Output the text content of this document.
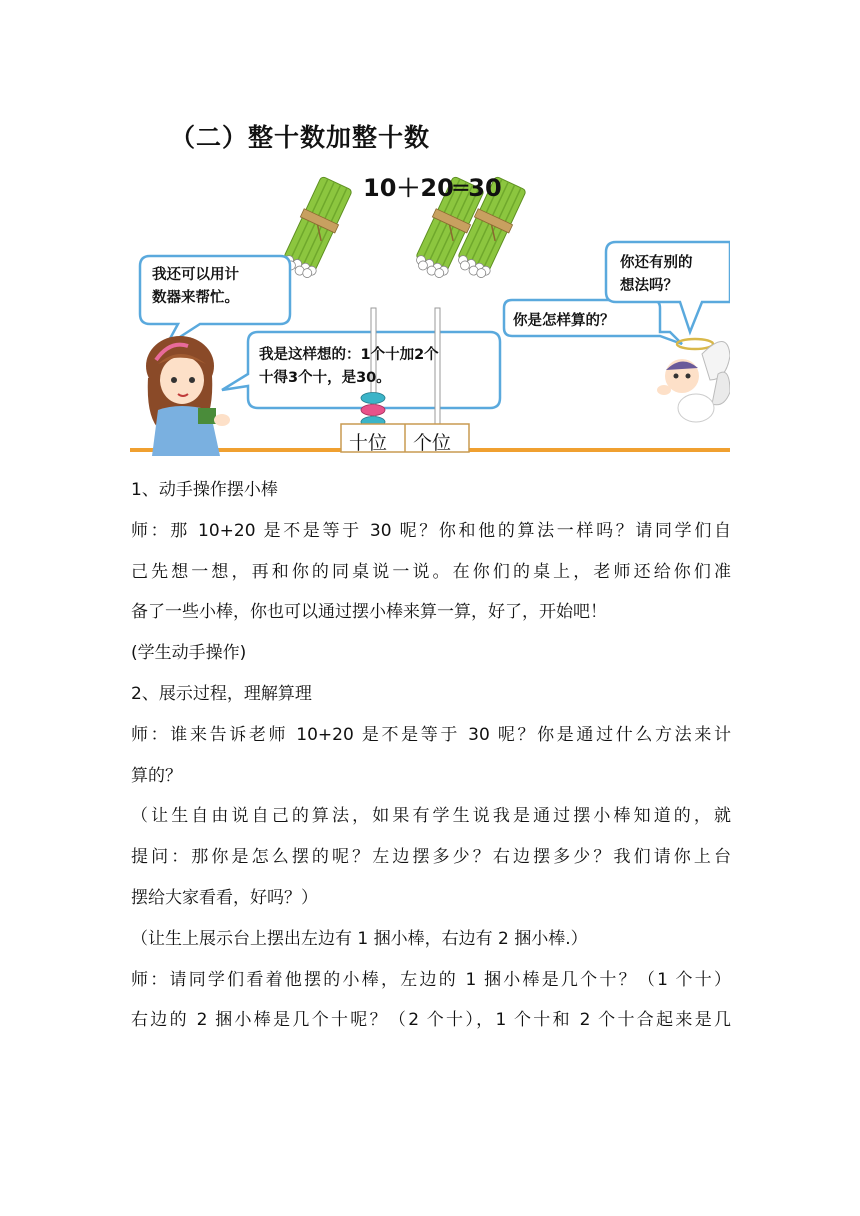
（二）整十数加整十数
10＋20═30
我还可以用计
数器来帮忙。
我是这样想的：1个十加2个
十得3个十，是30。
你是怎样算的？
你还有别的
想法吗？
十位 个位
1、动手操作摆小棒
师：那 10+20 是不是等于 30 呢？你和他的算法一样吗？请同学们自
己先想一想，再和你的同桌说一说。在你们的桌上，老师还给你们准
备了一些小棒，你也可以通过摆小棒来算一算，好了，开始吧！
(学生动手操作)
2、展示过程，理解算理
师：谁来告诉老师 10+20 是不是等于 30 呢？你是通过什么方法来计
算的？
（让生自由说自己的算法，如果有学生说我是通过摆小棒知道的，就
提问：那你是怎么摆的呢？左边摆多少？右边摆多少？我们请你上台
摆给大家看看，好吗？）
（让生上展示台上摆出左边有 1 捆小棒，右边有 2 捆小棒.）
师：请同学们看着他摆的小棒，左边的 1 捆小棒是几个十？（1 个十）
右边的 2 捆小棒是几个十呢？（2 个十），1 个十和 2 个十合起来是几
